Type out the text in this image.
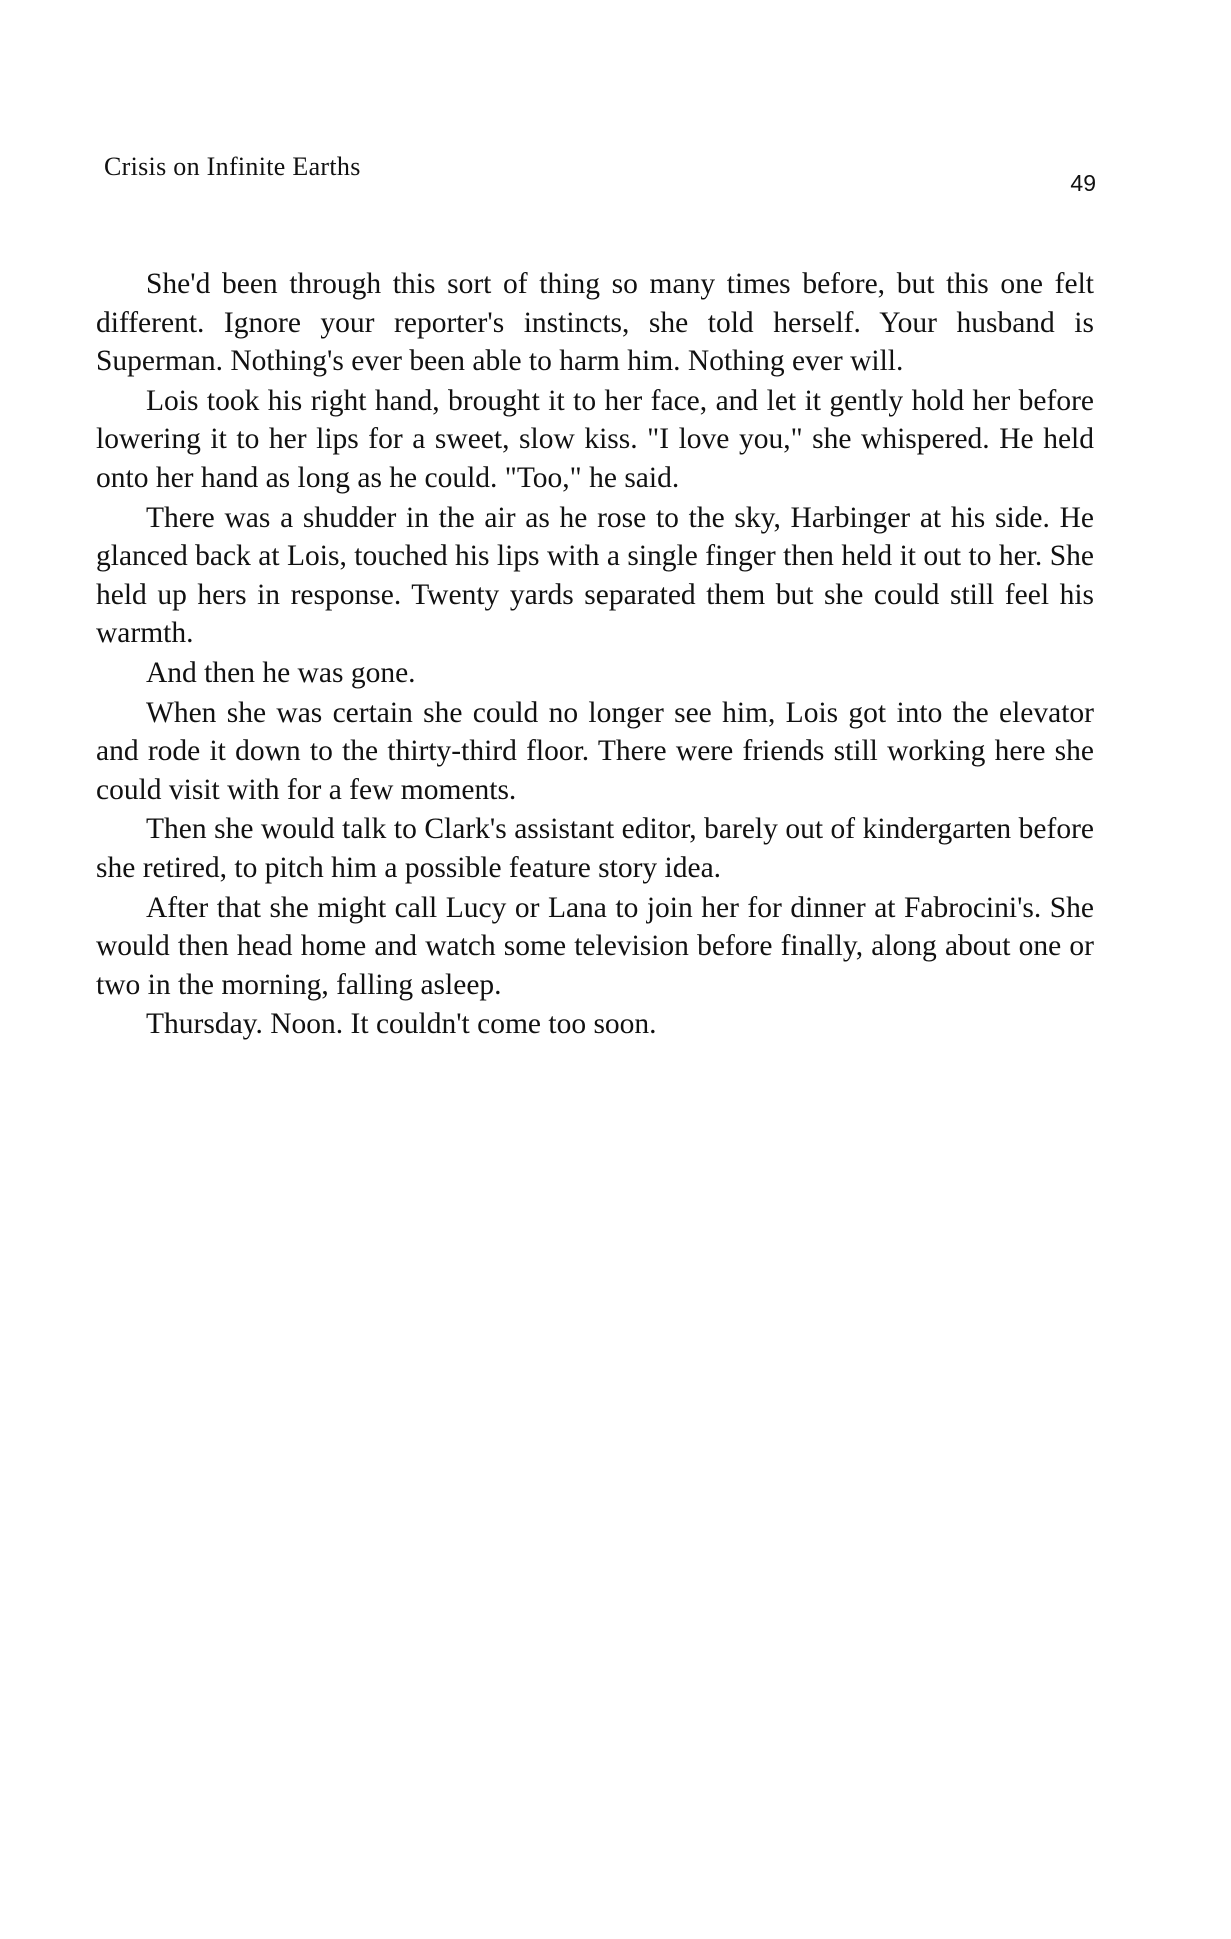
Crisis on Infinite Earths
49

She'd been through this sort of thing so many times before, but this one felt different. Ignore your reporter's instincts, she told herself. Your husband is Superman. Nothing's ever been able to harm him. Nothing ever will.

Lois took his right hand, brought it to her face, and let it gently hold her before lowering it to her lips for a sweet, slow kiss. "I love you," she whispered. He held onto her hand as long as he could. "Too," he said.

There was a shudder in the air as he rose to the sky, Harbinger at his side. He glanced back at Lois, touched his lips with a single finger then held it out to her. She held up hers in response. Twenty yards separated them but she could still feel his warmth.

And then he was gone.

When she was certain she could no longer see him, Lois got into the elevator and rode it down to the thirty-third floor. There were friends still working here she could visit with for a few moments.

Then she would talk to Clark's assistant editor, barely out of kindergarten before she retired, to pitch him a possible feature story idea.

After that she might call Lucy or Lana to join her for dinner at Fabrocini's. She would then head home and watch some television before finally, along about one or two in the morning, falling asleep.

Thursday. Noon. It couldn't come too soon.
